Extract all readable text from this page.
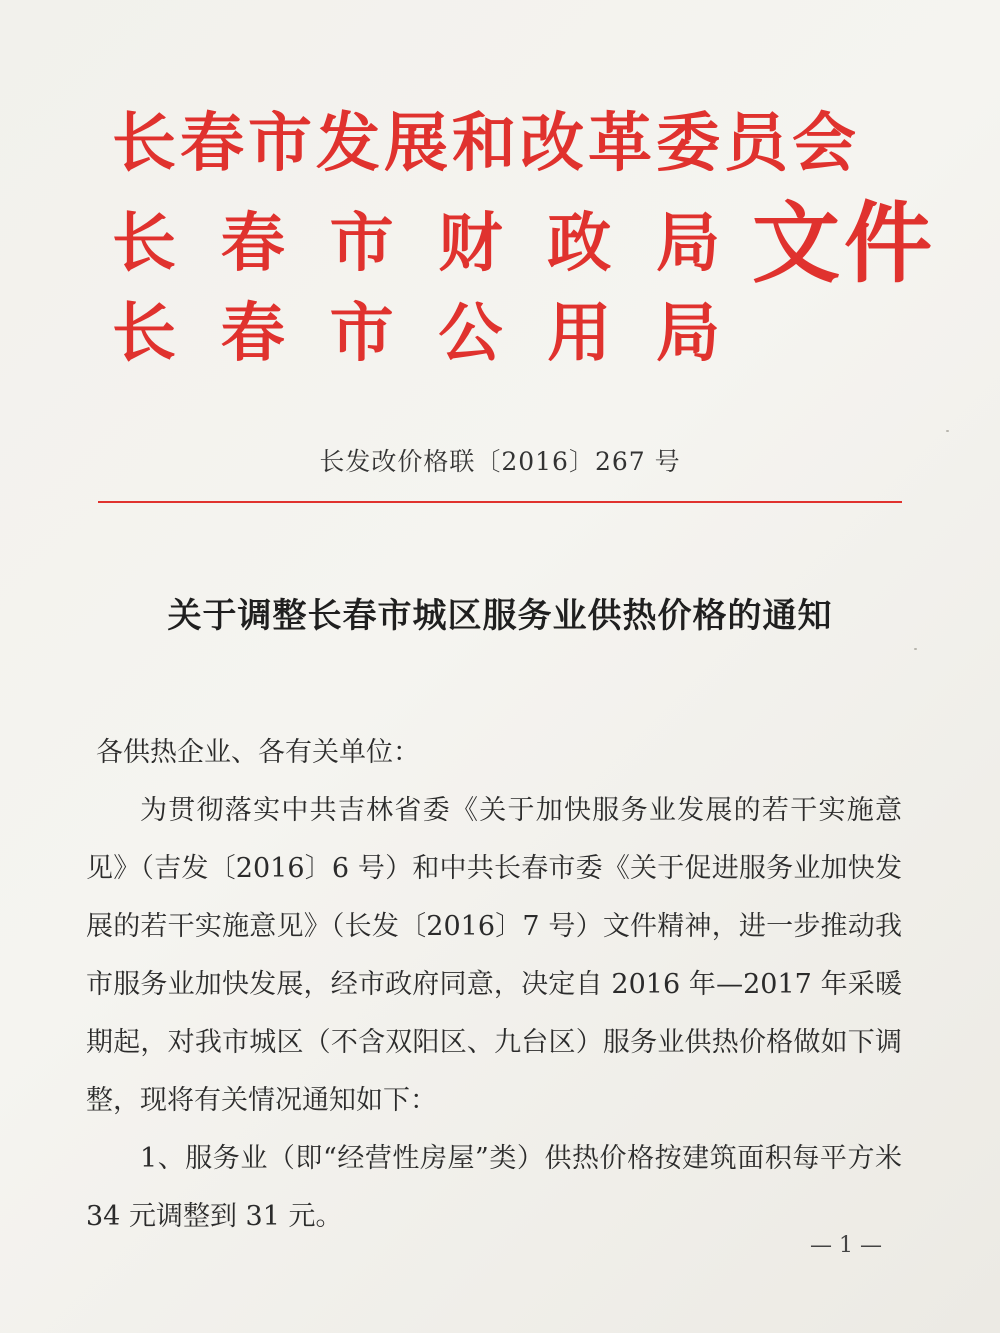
长春市发展和改革委员会
长 春 市 财 政 局
长 春 市 公 用 局
文件
长发改价格联〔2016〕267 号
关于调整长春市城区服务业供热价格的通知

各供热企业、各有关单位：

为贯彻落实中共吉林省委《关于加快服务业发展的若干实施意见》（吉发〔2016〕6 号）和中共长春市委《关于促进服务业加快发展的若干实施意见》（长发〔2016〕7 号）文件精神，进一步推动我市服务业加快发展，经市政府同意，决定自 2016 年—2017 年采暖期起，对我市城区（不含双阳区、九台区）服务业供热价格做如下调整，现将有关情况通知如下：

1、服务业（即“经营性房屋”类）供热价格按建筑面积每平方米 34 元调整到 31 元。

— 1 —
